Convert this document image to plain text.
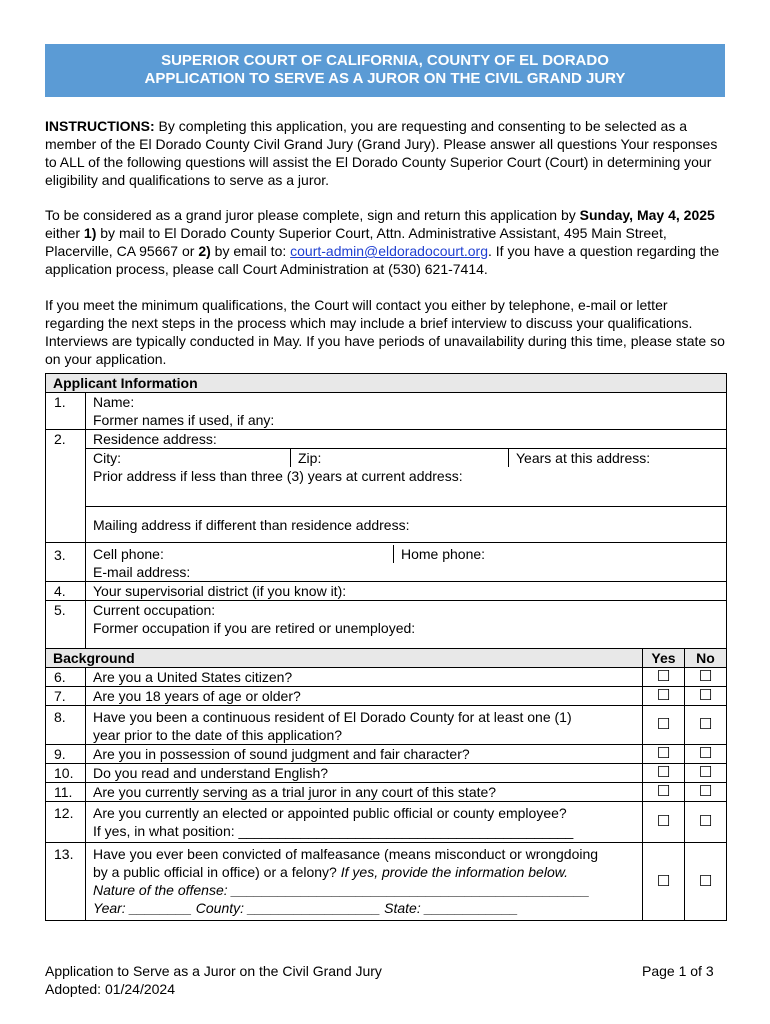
SUPERIOR COURT OF CALIFORNIA, COUNTY OF EL DORADO
APPLICATION TO SERVE AS A JUROR ON THE CIVIL GRAND JURY

INSTRUCTIONS: By completing this application, you are requesting and consenting to be selected as a member of the El Dorado County Civil Grand Jury (Grand Jury). Please answer all questions Your responses to ALL of the following questions will assist the El Dorado County Superior Court (Court) in determining your eligibility and qualifications to serve as a juror.

To be considered as a grand juror please complete, sign and return this application by Sunday, May 4, 2025 either 1) by mail to El Dorado County Superior Court, Attn. Administrative Assistant, 495 Main Street, Placerville, CA 95667 or 2) by email to: court-admin@eldoradocourt.org. If you have a question regarding the application process, please call Court Administration at (530) 621-7414.

If you meet the minimum qualifications, the Court will contact you either by telephone, e-mail or letter regarding the next steps in the process which may include a brief interview to discuss your qualifications. Interviews are typically conducted in May. If you have periods of unavailability during this time, please state so on your application.

Applicant Information	
1.	Name:
Former names if used, if any:

2.	Residence address:
City: Zip: Years at this address:
Prior address if less than three (3) years at current address:

	Mailing address if different than residence address:
3.	Cell phone: Home phone:
E-mail address:

4.	Your supervisorial district (if you know it):
5.	Current occupation:
Former occupation if you are retired or unemployed:
Background		Yes	No
6.	Are you a United States citizen?	☐	☐
7.	Are you 18 years of age or older?	☐	☐
8.	Have you been a continuous resident of El Dorado County for at least one (1)
year prior to the date of this application?	☐	☐
9.	Are you in possession of sound judgment and fair character?	☐	☐
10.	Do you read and understand English?	☐	☐
11.	Are you currently serving as a trial juror in any court of this state?	☐	☐
12.	Are you currently an elected or appointed public official or county employee?
If yes, in what position: ___________________________________________	☐	☐
13.	Have you ever been convicted of malfeasance (means misconduct or wrongdoing
by a public official in office) or a felony? If yes, provide the information below.
Nature of the offense: ______________________________________________
Year: ________ County: _________________ State: ____________	☐	☐
Application to Serve as a Juror on the Civil Grand Jury
Adopted: 01/24/2024
Page 1 of 3
